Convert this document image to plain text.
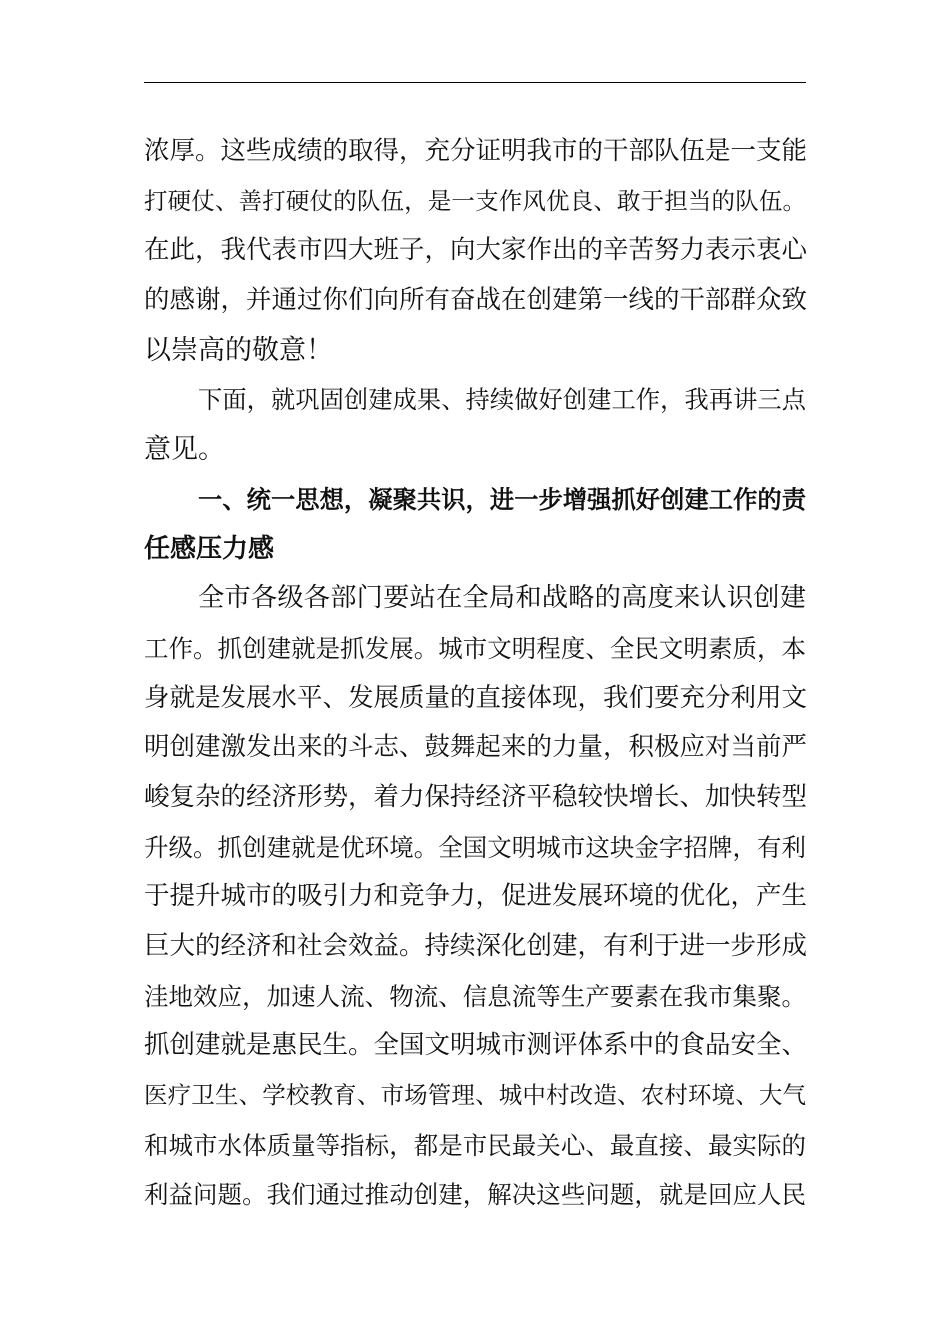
浓厚。这些成绩的取得，充分证明我市的干部队伍是一支能
打硬仗、善打硬仗的队伍，是一支作风优良、敢于担当的队伍。
在此，我代表市四大班子，向大家作出的辛苦努力表示衷心
的感谢，并通过你们向所有奋战在创建第一线的干部群众致
以崇高的敬意！
下面，就巩固创建成果、持续做好创建工作，我再讲三点
意见。
一、统一思想，凝聚共识，进一步增强抓好创建工作的责
任感压力感
全市各级各部门要站在全局和战略的高度来认识创建
工作。抓创建就是抓发展。城市文明程度、全民文明素质，本
身就是发展水平、发展质量的直接体现，我们要充分利用文
明创建激发出来的斗志、鼓舞起来的力量，积极应对当前严
峻复杂的经济形势，着力保持经济平稳较快增长、加快转型
升级。抓创建就是优环境。全国文明城市这块金字招牌，有利
于提升城市的吸引力和竞争力，促进发展环境的优化，产生
巨大的经济和社会效益。持续深化创建，有利于进一步形成
洼地效应，加速人流、物流、信息流等生产要素在我市集聚。
抓创建就是惠民生。全国文明城市测评体系中的食品安全、
医疗卫生、学校教育、市场管理、城中村改造、农村环境、大气
和城市水体质量等指标，都是市民最关心、最直接、最实际的
利益问题。我们通过推动创建，解决这些问题，就是回应人民
